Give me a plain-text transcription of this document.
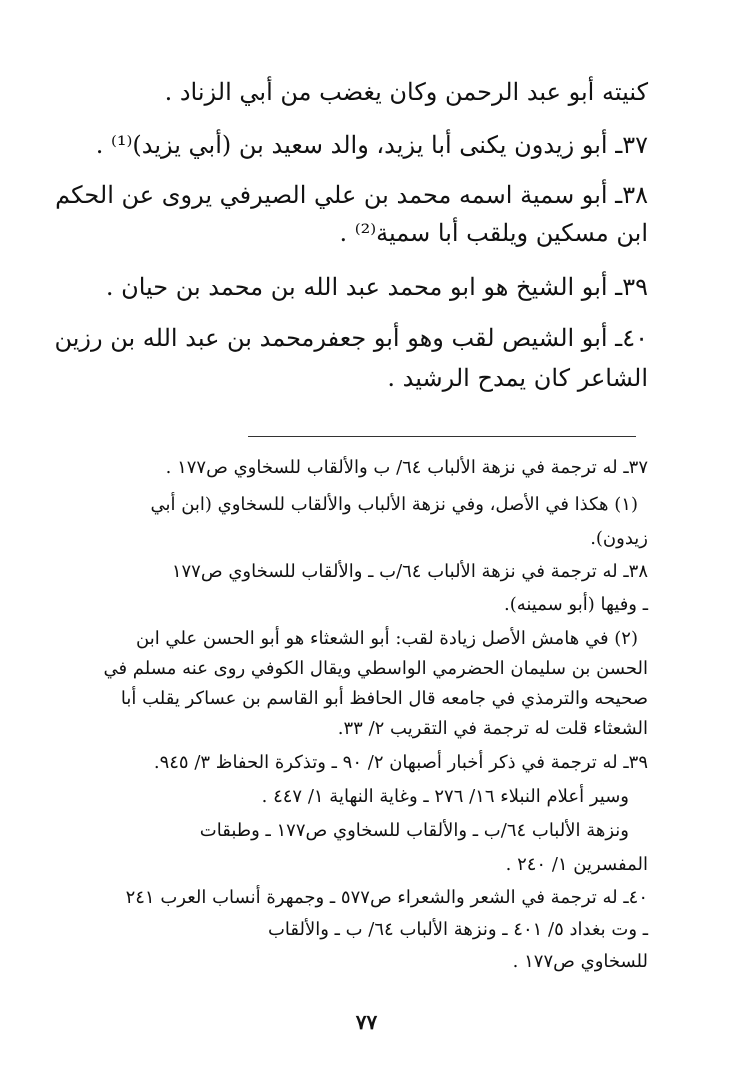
كنيته أبو عبد الرحمن وكان يغضب من أبي الزناد .

٣٧ـ أبو زيدون يكنى أبا يزيد، والد سعيد بن (أبي يزيد)⁽¹⁾ .

٣٨ـ أبو سمية اسمه محمد بن علي الصيرفي يروى عن الحكم

ابن مسكين ويلقب أبا سمية⁽²⁾ .

٣٩ـ أبو الشيخ هو ابو محمد عبد الله بن محمد بن حيان .

٤٠ـ أبو الشيص لقب وهو أبو جعفرمحمد بن عبد الله بن رزين

الشاعر كان يمدح الرشيد .

٣٧ـ له ترجمة في نزهة الألباب ٦٤/ ب والألقاب للسخاوي ص١٧٧ .

(١) هكذا في الأصل، وفي نزهة الألباب والألقاب للسخاوي (ابن أبي

زيدون).

٣٨ـ له ترجمة في نزهة الألباب ٦٤/ب ـ والألقاب للسخاوي ص١٧٧

ـ وفيها (أبو سمينه).

(٢) في هامش الأصل زيادة لقب: أبو الشعثاء هو أبو الحسن علي ابن

الحسن بن سليمان الحضرمي الواسطي ويقال الكوفي روى عنه مسلم في

صحيحه والترمذي في جامعه قال الحافظ أبو القاسم بن عساكر يقلب أبا

الشعثاء قلت له ترجمة في التقريب ٢/ ٣٣.

٣٩ـ له ترجمة في ذكر أخبار أصبهان ٢/ ٩٠ ـ وتذكرة الحفاظ ٣/ ٩٤٥.

وسير أعلام النبلاء ١٦/ ٢٧٦ ـ وغاية النهاية ١/ ٤٤٧ .

ونزهة الألباب ٦٤/ب ـ والألقاب للسخاوي ص١٧٧ ـ وطبقات

المفسرين ١/ ٢٤٠ .

٤٠ـ له ترجمة في الشعر والشعراء ص٥٧٧ ـ وجمهرة أنساب العرب ٢٤١

ـ وت بغداد ٥/ ٤٠١ ـ ونزهة الألباب ٦٤/ ب ـ والألقاب

للسخاوي ص١٧٧ .

٧٧
